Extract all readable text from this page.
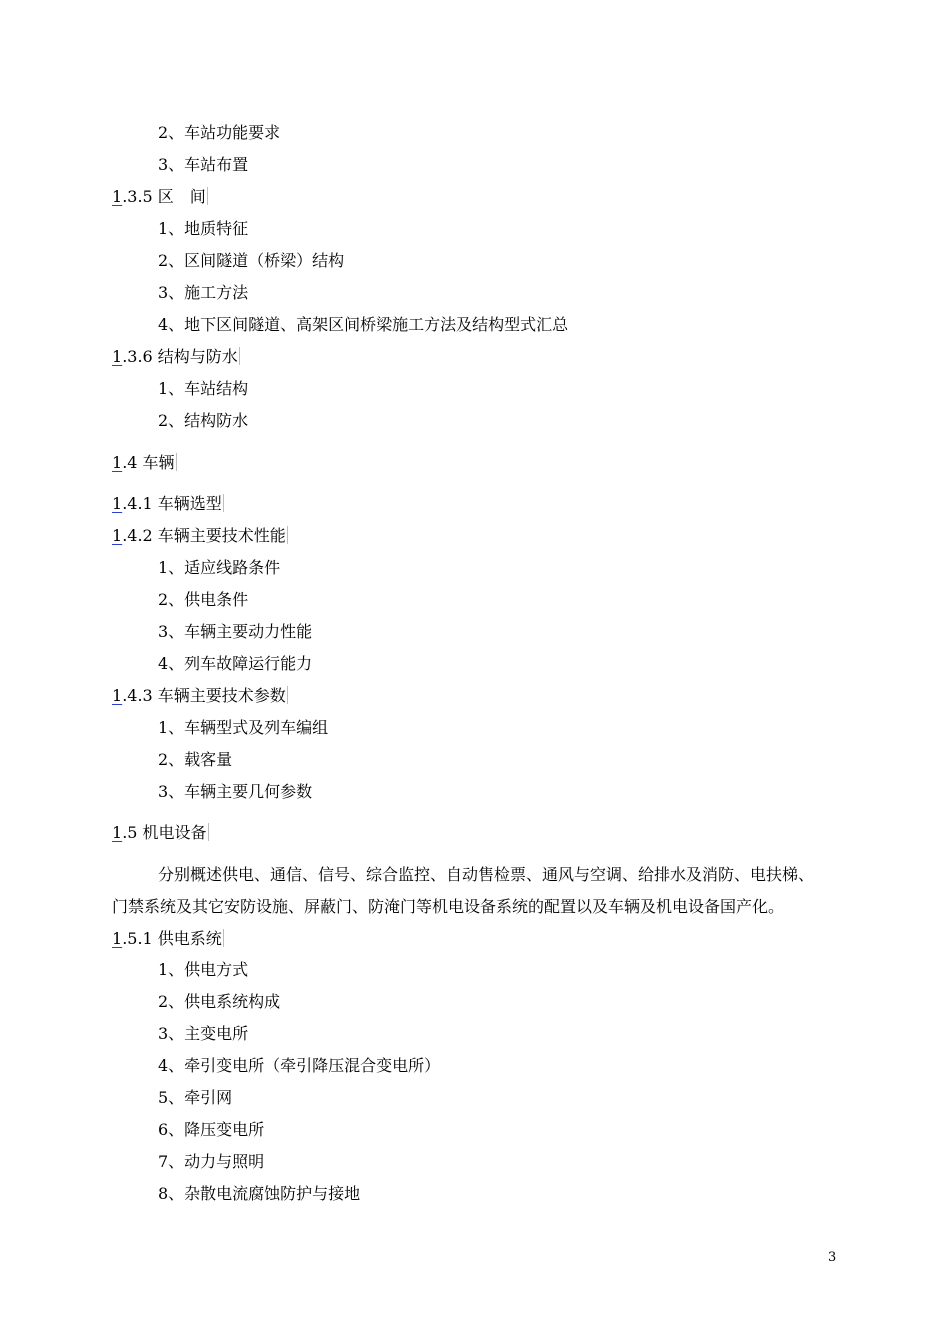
2、车站功能要求
3、车站布置
1.3.5 区　间
1、地质特征
2、区间隧道（桥梁）结构
3、施工方法
4、地下区间隧道、高架区间桥梁施工方法及结构型式汇总
1.3.6 结构与防水
1、车站结构
2、结构防水
1.4 车辆
1.4.1 车辆选型
1.4.2 车辆主要技术性能
1、适应线路条件
2、供电条件
3、车辆主要动力性能
4、列车故障运行能力
1.4.3 车辆主要技术参数
1、车辆型式及列车编组
2、载客量
3、车辆主要几何参数
1.5 机电设备
分别概述供电、通信、信号、综合监控、自动售检票、通风与空调、给排水及消防、电扶梯、
门禁系统及其它安防设施、屏蔽门、防淹门等机电设备系统的配置以及车辆及机电设备国产化。
1.5.1 供电系统
1、供电方式
2、供电系统构成
3、主变电所
4、牵引变电所（牵引降压混合变电所）
5、牵引网
6、降压变电所
7、动力与照明
8、杂散电流腐蚀防护与接地
3
